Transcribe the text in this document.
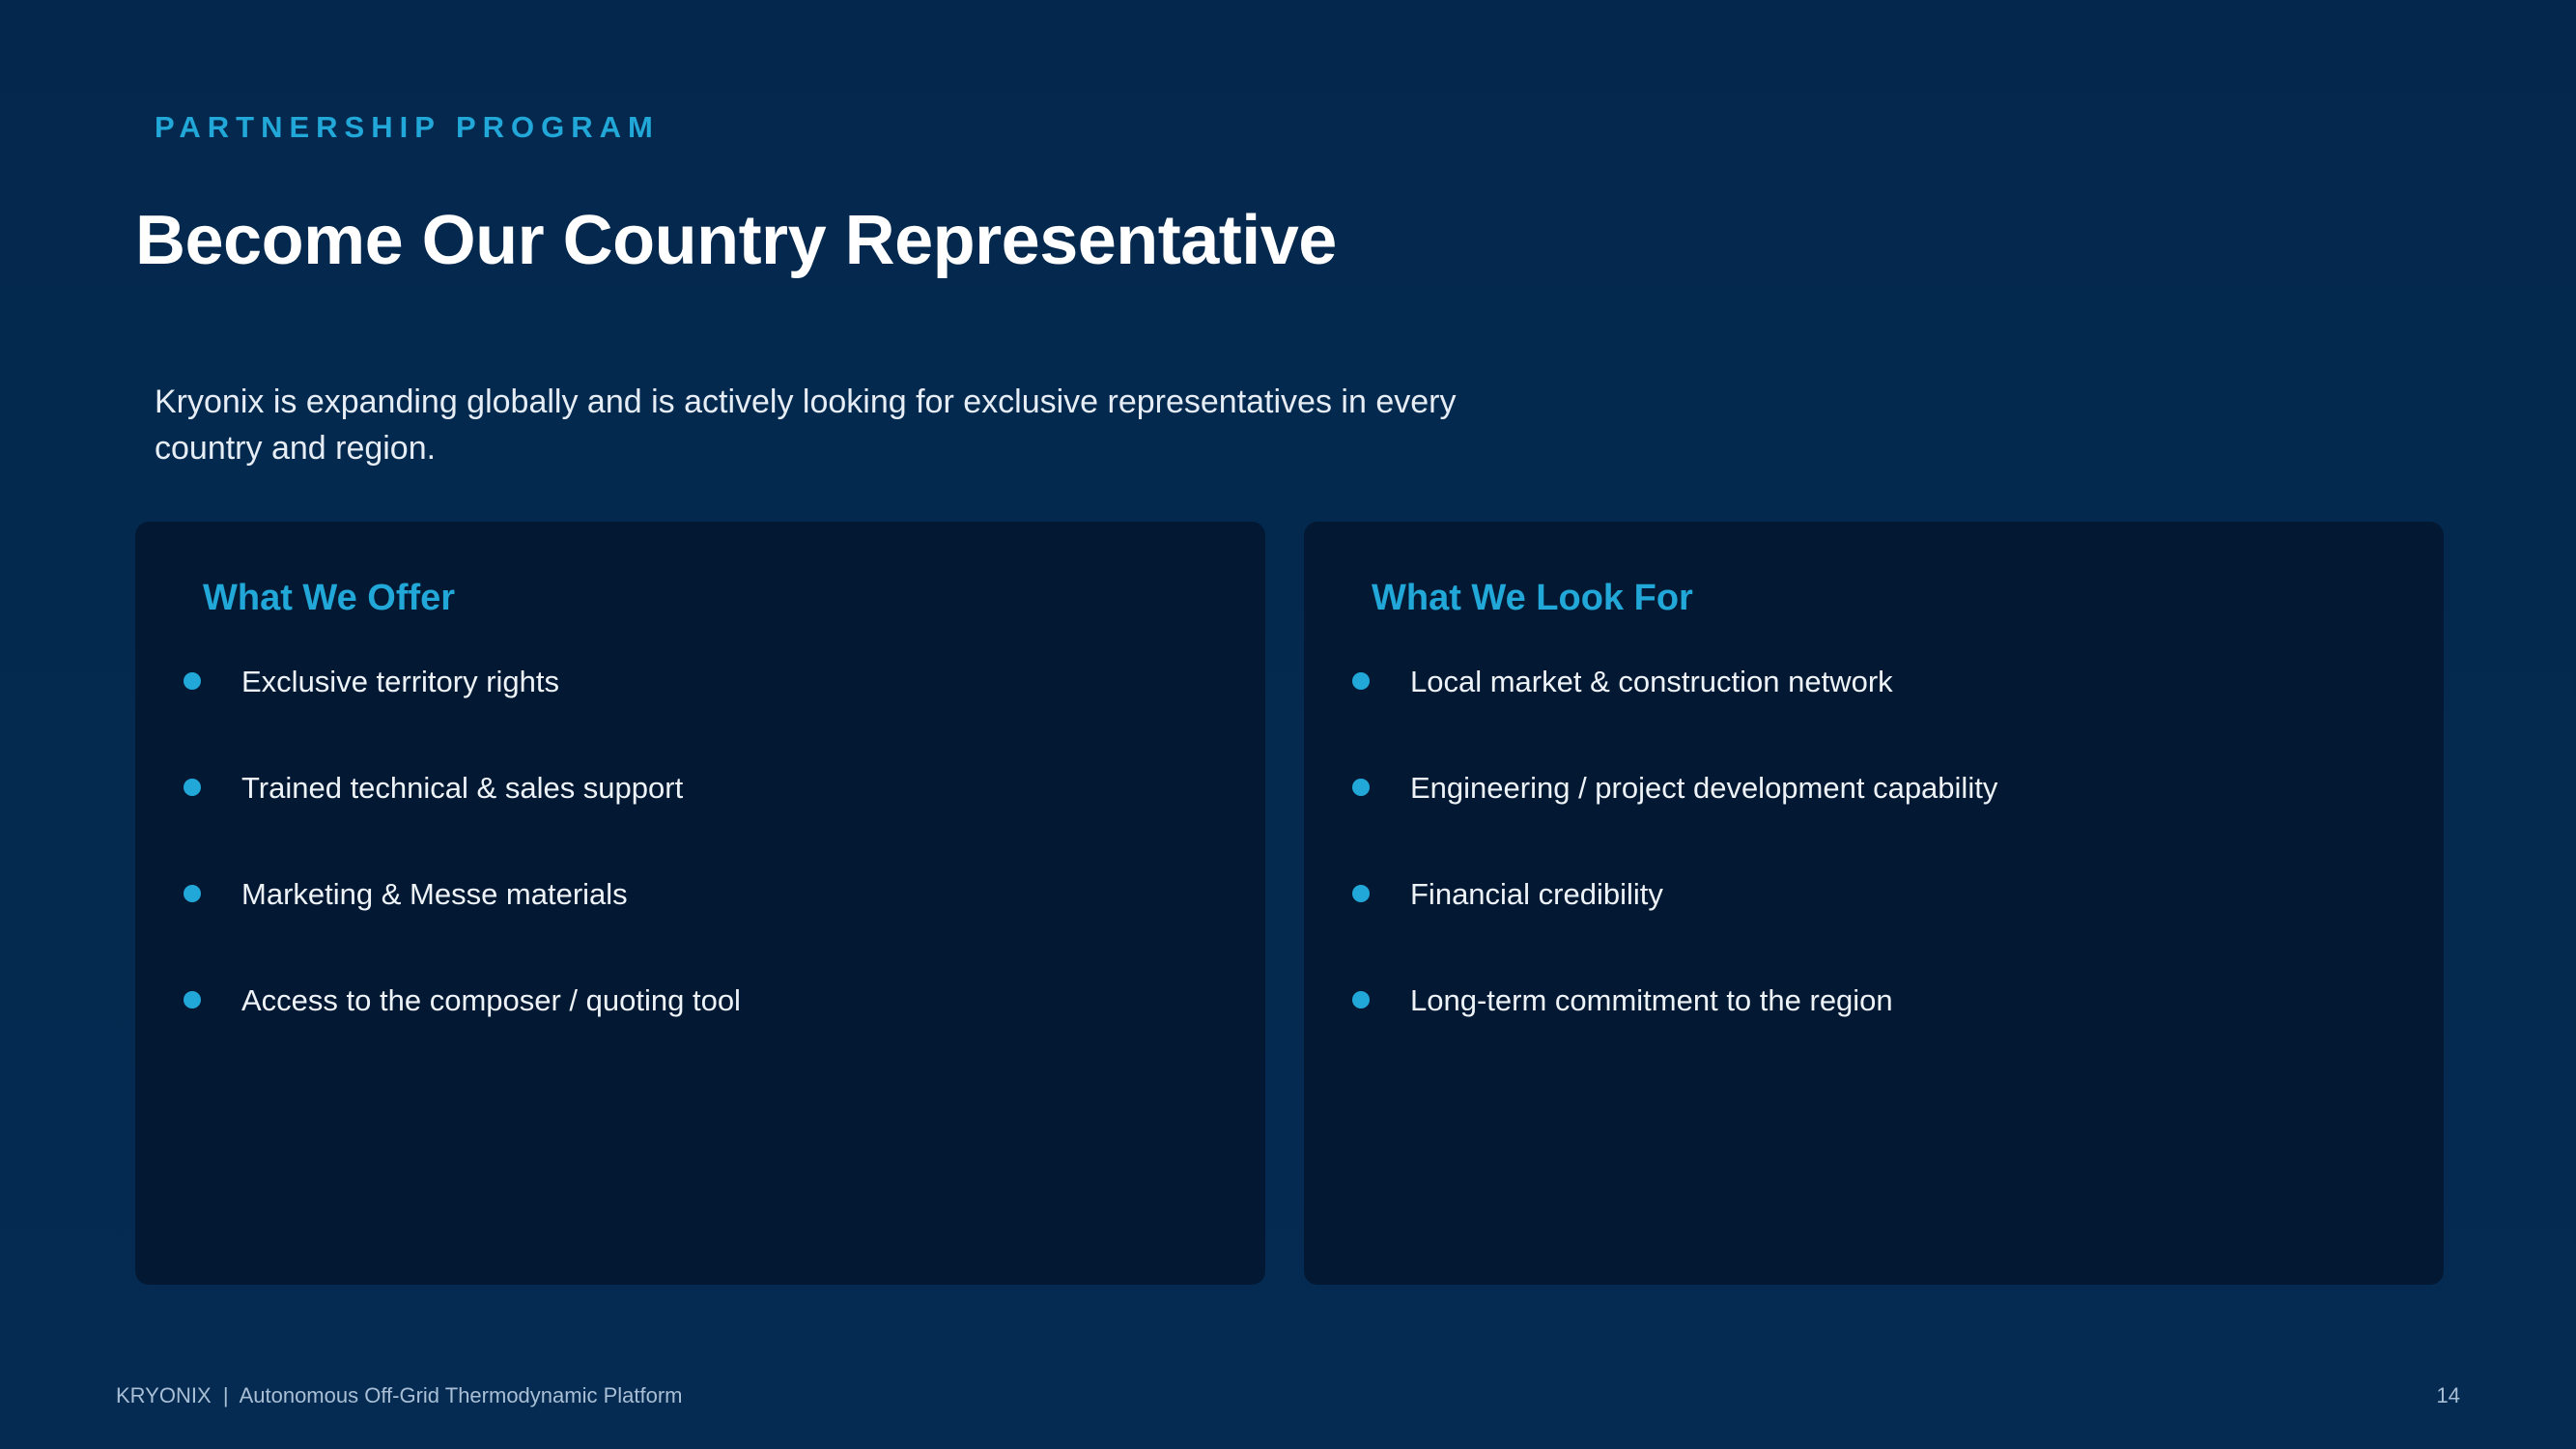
PARTNERSHIP PROGRAM
Become Our Country Representative
Kryonix is expanding globally and is actively looking for exclusive representatives in every country and region.
What We Offer
Exclusive territory rights
Trained technical & sales support
Marketing & Messe materials
Access to the composer / quoting tool
What We Look For
Local market & construction network
Engineering / project development capability
Financial credibility
Long-term commitment to the region
KRYONIX  |  Autonomous Off-Grid Thermodynamic Platform	14
